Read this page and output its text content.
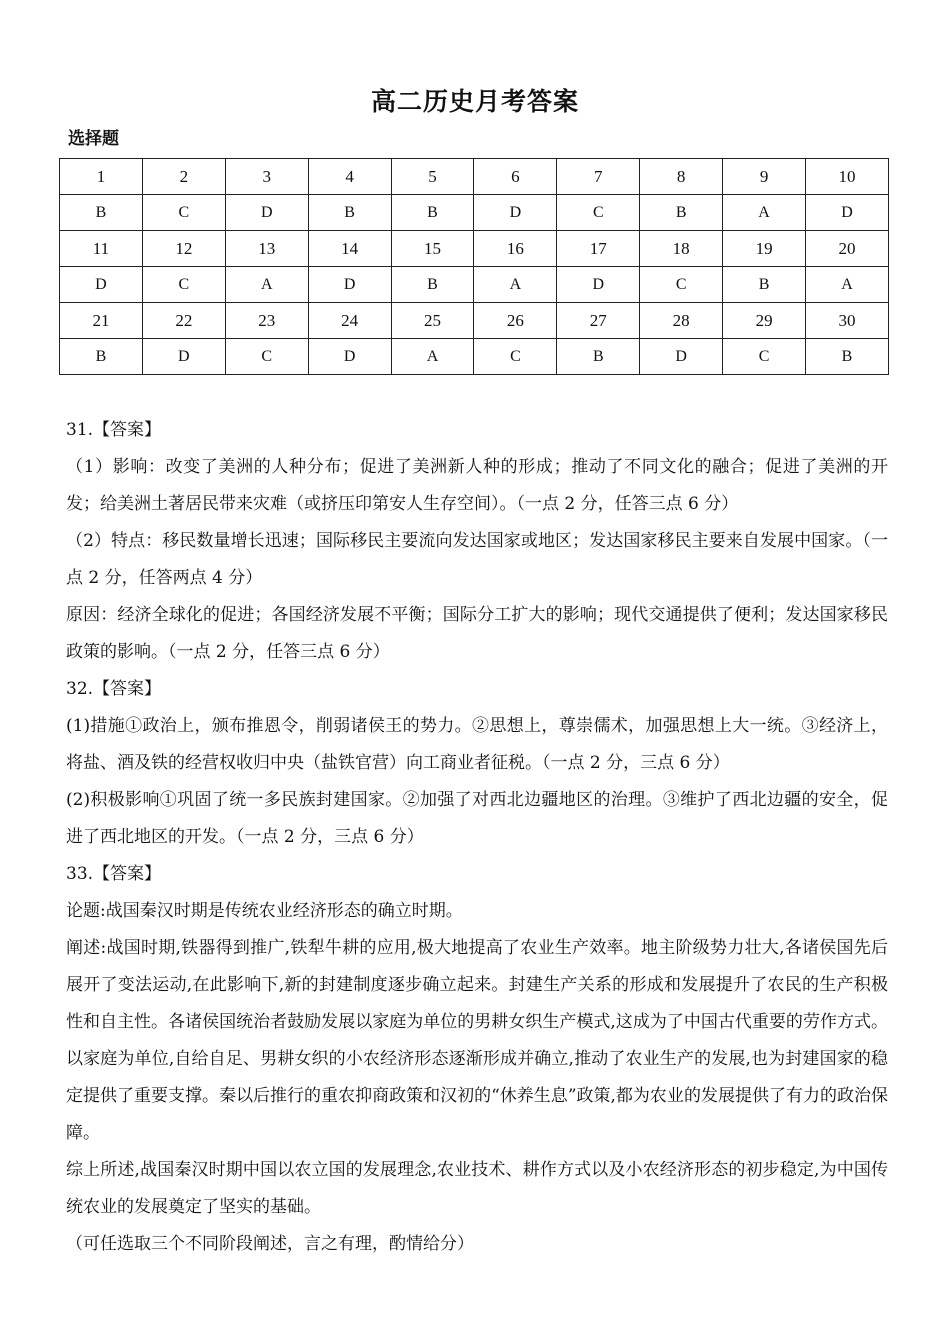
高二历史月考答案
选择题
1	2	3	4	5	6	7	8	9	10
B	C	D	B	B	D	C	B	A	D
11	12	13	14	15	16	17	18	19	20
D	C	A	D	B	A	D	C	B	A
21	22	23	24	25	26	27	28	29	30
B	D	C	D	A	C	B	D	C	B

31.【答案】

（1）影响：改变了美洲的人种分布；促进了美洲新人种的形成；推动了不同文化的融合；促进了美洲的开发；给美洲土著居民带来灾难（或挤压印第安人生存空间）。（一点 2 分，任答三点 6 分）

（2）特点：移民数量增长迅速；国际移民主要流向发达国家或地区；发达国家移民主要来自发展中国家。（一点 2 分，任答两点 4 分）

原因：经济全球化的促进；各国经济发展不平衡；国际分工扩大的影响；现代交通提供了便利；发达国家移民政策的影响。（一点 2 分，任答三点 6 分）

32.【答案】

(1)措施①政治上，颁布推恩令，削弱诸侯王的势力。②思想上，尊崇儒术，加强思想上大一统。③经济上，将盐、酒及铁的经营权收归中央（盐铁官营）向工商业者征税。（一点 2 分，三点 6 分）

(2)积极影响①巩固了统一多民族封建国家。②加强了对西北边疆地区的治理。③维护了西北边疆的安全，促进了西北地区的开发。（一点 2 分，三点 6 分）

33.【答案】

论题:战国秦汉时期是传统农业经济形态的确立时期。

阐述:战国时期,铁器得到推广,铁犁牛耕的应用,极大地提高了农业生产效率。地主阶级势力壮大,各诸侯国先后展开了变法运动,在此影响下,新的封建制度逐步确立起来。封建生产关系的形成和发展提升了农民的生产积极性和自主性。各诸侯国统治者鼓励发展以家庭为单位的男耕女织生产模式,这成为了中国古代重要的劳作方式。以家庭为单位,自给自足、男耕女织的小农经济形态逐渐形成并确立,推动了农业生产的发展,也为封建国家的稳定提供了重要支撑。秦以后推行的重农抑商政策和汉初的“休养生息”政策,都为农业的发展提供了有力的政治保障。

综上所述,战国秦汉时期中国以农立国的发展理念,农业技术、耕作方式以及小农经济形态的初步稳定,为中国传统农业的发展奠定了坚实的基础。

（可任选取三个不同阶段阐述，言之有理，酌情给分）
